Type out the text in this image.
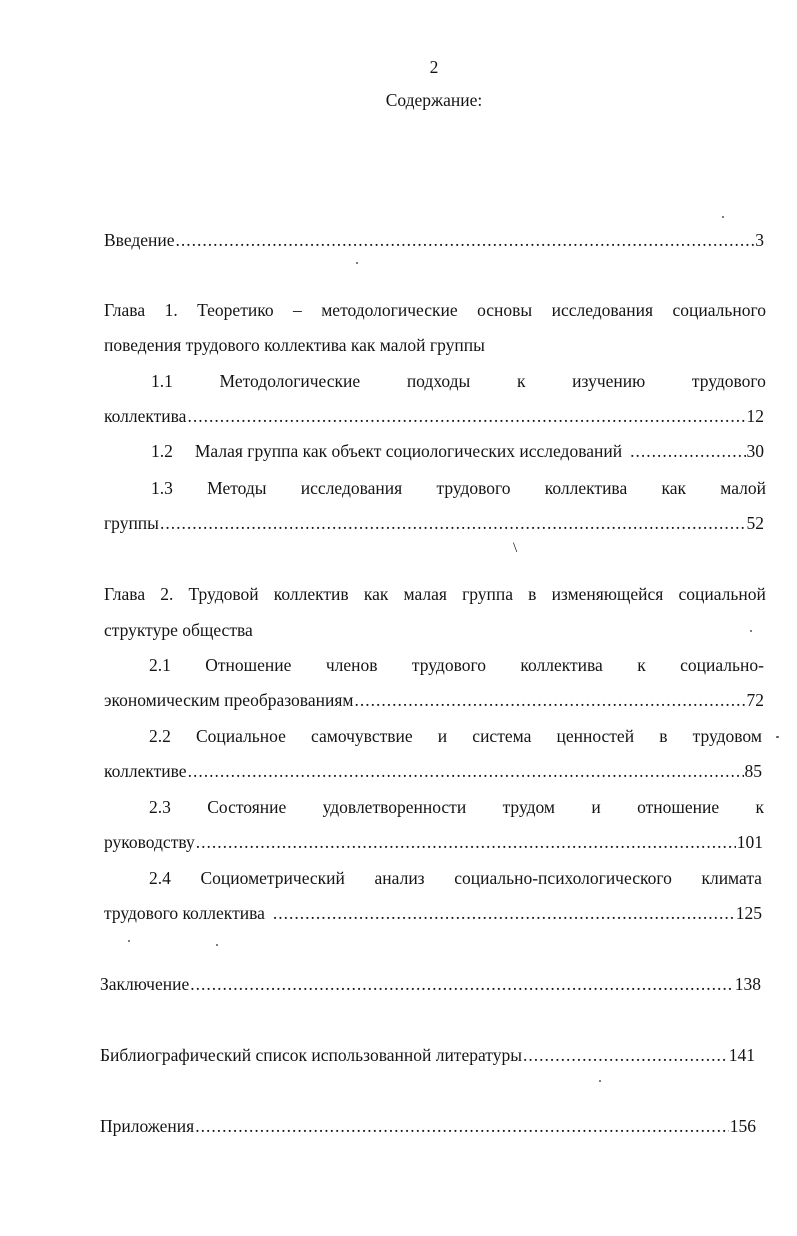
2
Содержание:
Введение .....	3
Глава 1. Теоретико – методологические основы исследования социального
поведения трудового коллектива как малой группы
1.1	Методологические	подходы	к	изучению	трудового
коллектива .....	12
1.2 Малая группа как объект социологических исследований .....	30
1.3 Методы исследования трудового коллектива как малой
группы .....	52
\
Глава 2. Трудовой коллектив как малая группа в изменяющейся социальной
структуре общества
2.1 Отношение членов трудового коллектива к социально-
экономическим преобразованиям .....	72
2.2 Социальное самочувствие и система ценностей в трудовом
коллективе .....	85
2.3 Состояние удовлетворенности трудом и отношение к
руководству .....	101
2.4 Социометрический анализ социально-психологического климата
трудового коллектива .....	125
Заключение .....	138
Библиографический список использованной литературы .....	141
Приложения .....	156
